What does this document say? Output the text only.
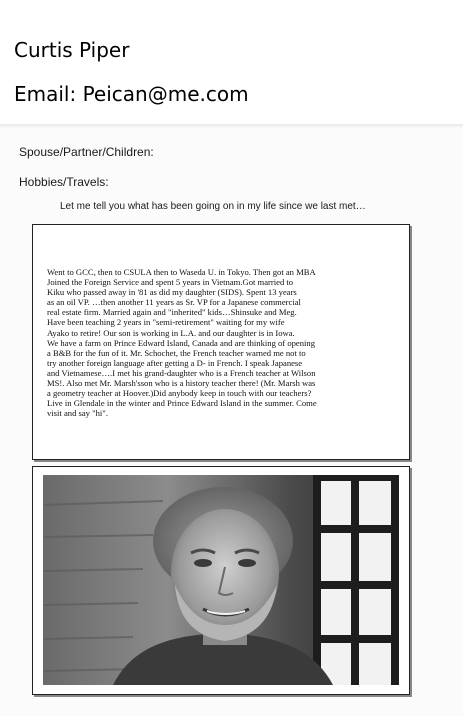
Curtis Piper
Email: Peican@me.com
Spouse/Partner/Children:
Hobbies/Travels:
Let me tell you what has been going on in my life since we last met…
Went to GCC, then to CSULA then to Waseda U. in Tokyo. Then got an MBA
Joined the Foreign Service and spent 5 years in Vietnam.Got married to
Kiku who passed away in '81 as did my daughter (SIDS). Spent 13 years
as an oil VP. …then another 11 years as Sr. VP for a Japanese commercial
real estate firm. Married again and "inherited" kids…Shinsuke and Meg.
Have been teaching 2 years in "semi-retirement" waiting for my wife
Ayako to retire! Our son is working in L.A. and our daughter is in Iowa.
We have a farm on Prince Edward Island, Canada and are thinking of opening
a B&B for the fun of it. Mr. Schochet, the French teacher warned me not to
try another foreign language after getting a D- in French. I speak Japanese
and Vietnamese….I met his grand-daughter who is a French teacher at Wilson
MS!. Also met Mr. Marsh'sson who is a history teacher there! (Mr. Marsh was
a geometry teacher at Hoover.)Did anybody keep in touch with our teachers?
Live in Glendale in the winter and Prince Edward Island in the summer. Come
visit and say "hi".
